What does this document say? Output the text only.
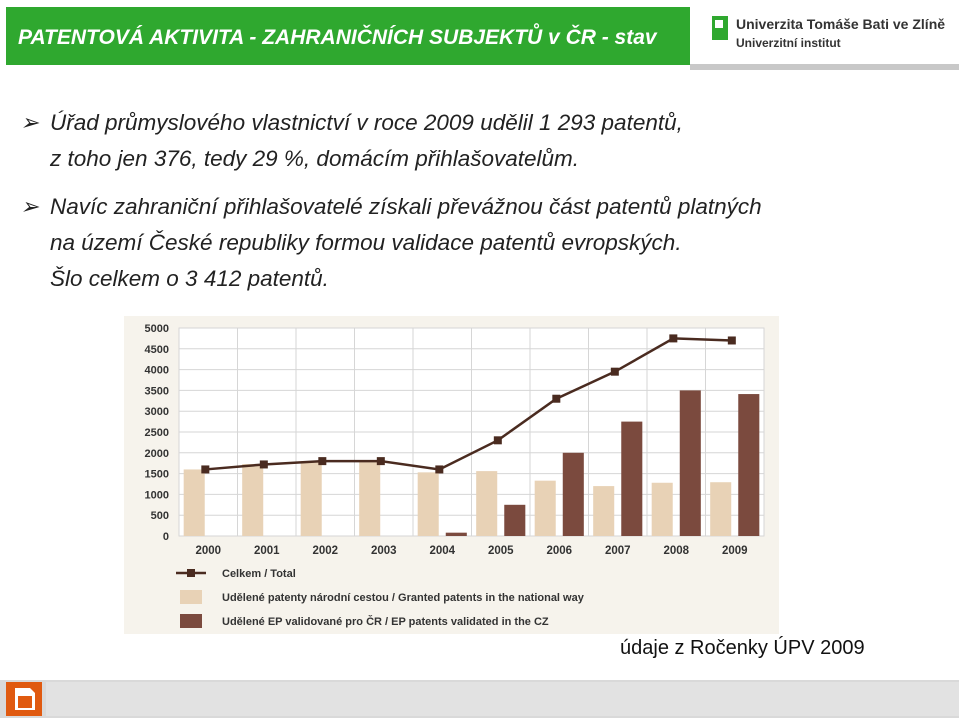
PATENTOVÁ AKTIVITA - ZAHRANIČNÍCH SUBJEKTŮ v ČR - stav
Univerzita Tomáše Bati ve Zlíně
Univerzitní institut
➢ Úřad průmyslového vlastnictví v roce 2009 udělil 1 293 patentů,
z toho jen 376, tedy 29 %, domácím přihlašovatelům.
➢ Navíc zahraniční přihlašovatelé získali převážnou část patentů platných
na území České republiky formou validace patentů evropských.
Šlo celkem o 3 412 patentů.
5000
4500
4000
3500
3000
2500
2000
1500
1000
500
0
2000	2001	2002	2003	2004	2005	2006	2007	2008	2009
Celkem / Total
Udělené patenty národní cestou / Granted patents in the national way
Udělené EP validované pro ČR / EP patents validated in the CZ
údaje z Ročenky ÚPV 2009
